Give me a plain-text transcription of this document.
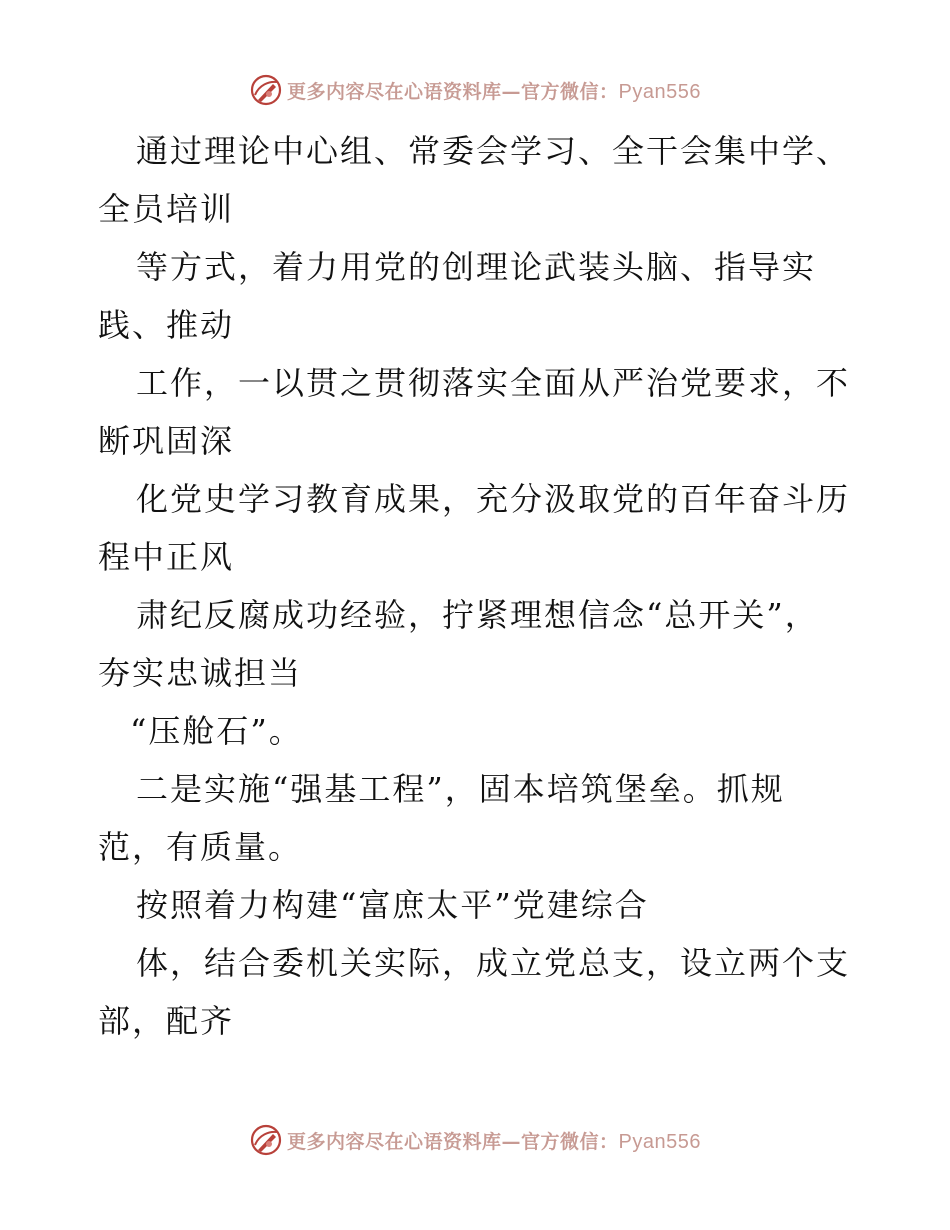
更多内容尽在心语资料库—官方微信：Pyan556
通过理论中心组、常委会学习、全干会集中学、
全员培训
等方式，着力用党的创理论武装头脑、指导实
践、推动
工作，一以贯之贯彻落实全面从严治党要求，不
断巩固深
化党史学习教育成果，充分汲取党的百年奋斗历
程中正风
肃纪反腐成功经验，拧紧理想信念“总开关”，
夯实忠诚担当
“压舱石”。
二是实施“强基工程”，固本培筑堡垒。抓规
范，有质量。
按照着力构建“富庶太平”党建综合
体，结合委机关实际，成立党总支，设立两个支
部，配齐
更多内容尽在心语资料库—官方微信：Pyan556
